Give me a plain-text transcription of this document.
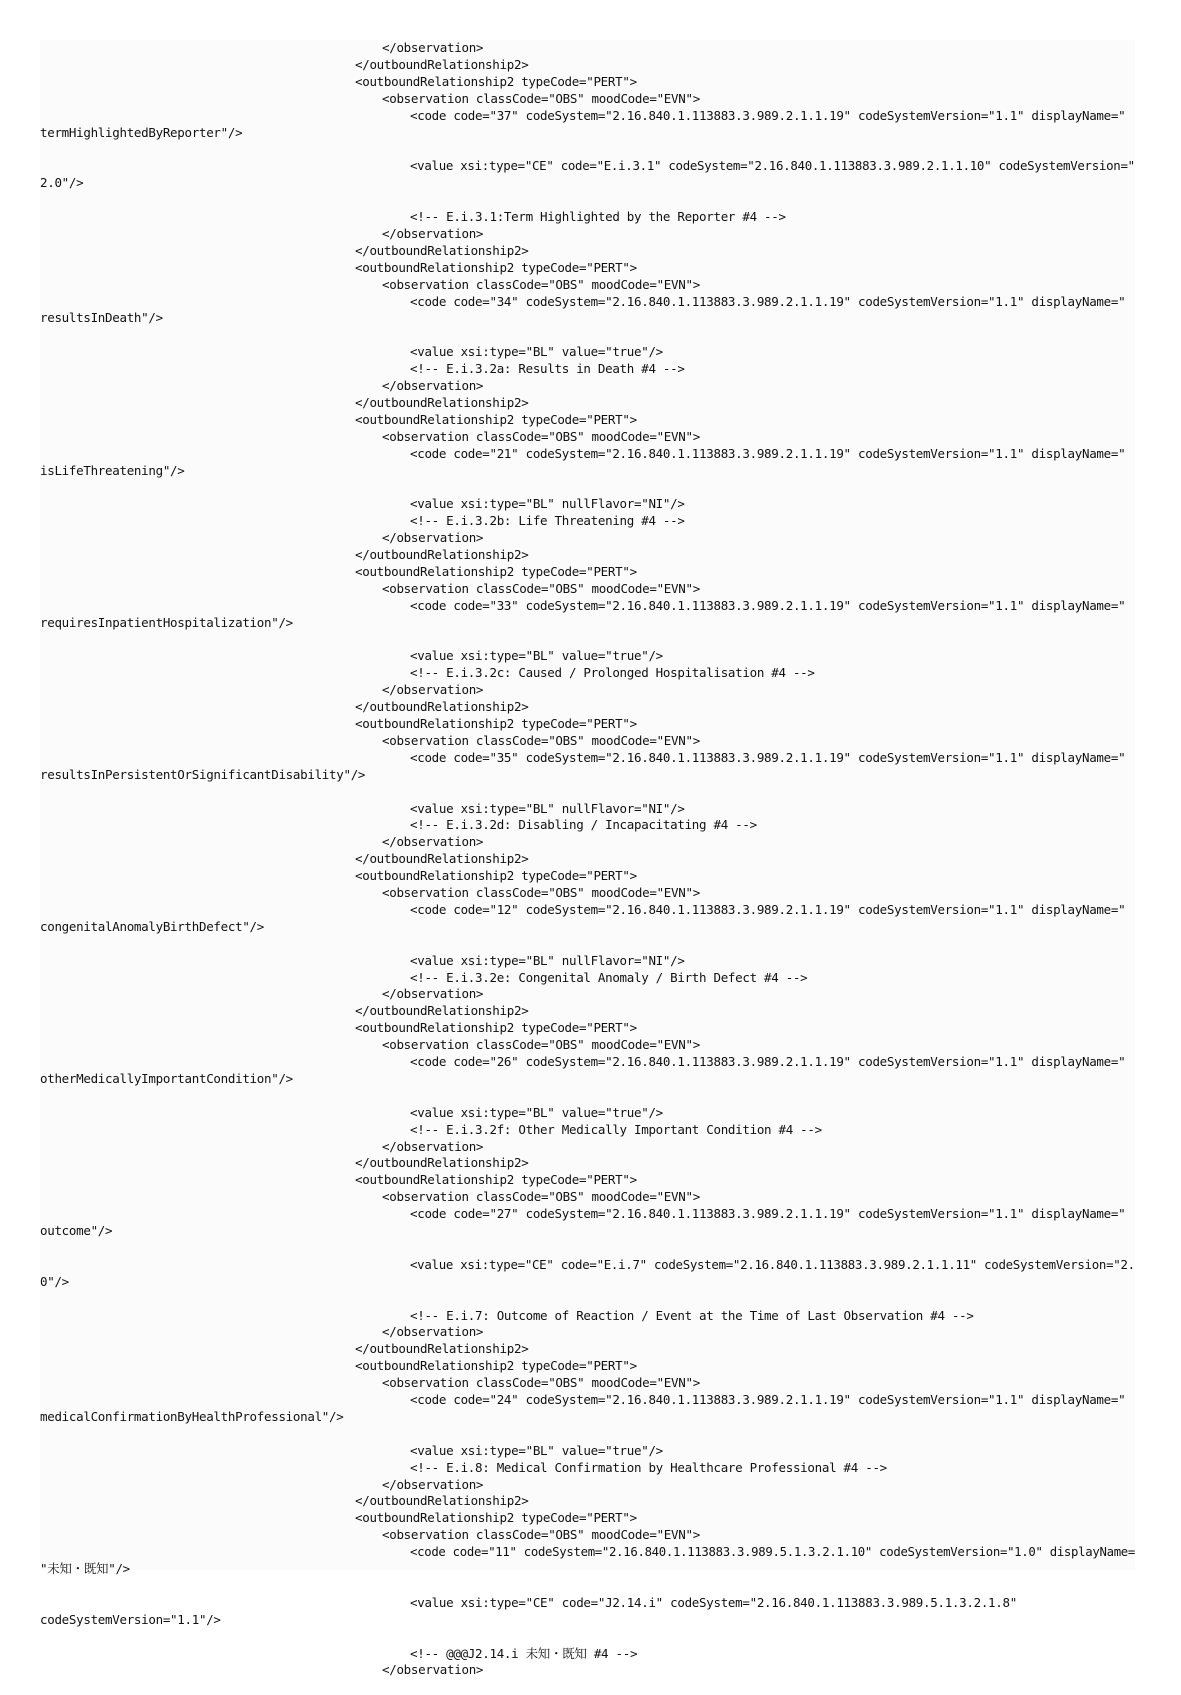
</observation>
</outboundRelationship2>
<outboundRelationship2 typeCode="PERT">
<observation classCode="OBS" moodCode="EVN">
<code code="37" codeSystem="2.16.840.1.113883.3.989.2.1.1.19" codeSystemVersion="1.1" displayName="
termHighlightedByReporter"/>
<value xsi:type="CE" code="E.i.3.1" codeSystem="2.16.840.1.113883.3.989.2.1.1.10" codeSystemVersion="
2.0"/>
<!-- E.i.3.1:Term Highlighted by the Reporter #4 -->
</observation>
</outboundRelationship2>
<outboundRelationship2 typeCode="PERT">
<observation classCode="OBS" moodCode="EVN">
<code code="34" codeSystem="2.16.840.1.113883.3.989.2.1.1.19" codeSystemVersion="1.1" displayName="
resultsInDeath"/>
<value xsi:type="BL" value="true"/>
<!-- E.i.3.2a: Results in Death #4 -->
</observation>
</outboundRelationship2>
<outboundRelationship2 typeCode="PERT">
<observation classCode="OBS" moodCode="EVN">
<code code="21" codeSystem="2.16.840.1.113883.3.989.2.1.1.19" codeSystemVersion="1.1" displayName="
isLifeThreatening"/>
<value xsi:type="BL" nullFlavor="NI"/>
<!-- E.i.3.2b: Life Threatening #4 -->
</observation>
</outboundRelationship2>
<outboundRelationship2 typeCode="PERT">
<observation classCode="OBS" moodCode="EVN">
<code code="33" codeSystem="2.16.840.1.113883.3.989.2.1.1.19" codeSystemVersion="1.1" displayName="
requiresInpatientHospitalization"/>
<value xsi:type="BL" value="true"/>
<!-- E.i.3.2c: Caused / Prolonged Hospitalisation #4 -->
</observation>
</outboundRelationship2>
<outboundRelationship2 typeCode="PERT">
<observation classCode="OBS" moodCode="EVN">
<code code="35" codeSystem="2.16.840.1.113883.3.989.2.1.1.19" codeSystemVersion="1.1" displayName="
resultsInPersistentOrSignificantDisability"/>
<value xsi:type="BL" nullFlavor="NI"/>
<!-- E.i.3.2d: Disabling / Incapacitating #4 -->
</observation>
</outboundRelationship2>
<outboundRelationship2 typeCode="PERT">
<observation classCode="OBS" moodCode="EVN">
<code code="12" codeSystem="2.16.840.1.113883.3.989.2.1.1.19" codeSystemVersion="1.1" displayName="
congenitalAnomalyBirthDefect"/>
<value xsi:type="BL" nullFlavor="NI"/>
<!-- E.i.3.2e: Congenital Anomaly / Birth Defect #4 -->
</observation>
</outboundRelationship2>
<outboundRelationship2 typeCode="PERT">
<observation classCode="OBS" moodCode="EVN">
<code code="26" codeSystem="2.16.840.1.113883.3.989.2.1.1.19" codeSystemVersion="1.1" displayName="
otherMedicallyImportantCondition"/>
<value xsi:type="BL" value="true"/>
<!-- E.i.3.2f: Other Medically Important Condition #4 -->
</observation>
</outboundRelationship2>
<outboundRelationship2 typeCode="PERT">
<observation classCode="OBS" moodCode="EVN">
<code code="27" codeSystem="2.16.840.1.113883.3.989.2.1.1.19" codeSystemVersion="1.1" displayName="
outcome"/>
<value xsi:type="CE" code="E.i.7" codeSystem="2.16.840.1.113883.3.989.2.1.1.11" codeSystemVersion="2.
0"/>
<!-- E.i.7: Outcome of Reaction / Event at the Time of Last Observation #4 -->
</observation>
</outboundRelationship2>
<outboundRelationship2 typeCode="PERT">
<observation classCode="OBS" moodCode="EVN">
<code code="24" codeSystem="2.16.840.1.113883.3.989.2.1.1.19" codeSystemVersion="1.1" displayName="
medicalConfirmationByHealthProfessional"/>
<value xsi:type="BL" value="true"/>
<!-- E.i.8: Medical Confirmation by Healthcare Professional #4 -->
</observation>
</outboundRelationship2>
<outboundRelationship2 typeCode="PERT">
<observation classCode="OBS" moodCode="EVN">
<code code="11" codeSystem="2.16.840.1.113883.3.989.5.1.3.2.1.10" codeSystemVersion="1.0" displayName=
"未知・既知"/>
<value xsi:type="CE" code="J2.14.i" codeSystem="2.16.840.1.113883.3.989.5.1.3.2.1.8"
codeSystemVersion="1.1"/>
<!-- @@@J2.14.i 未知・既知 #4 -->
</observation>
